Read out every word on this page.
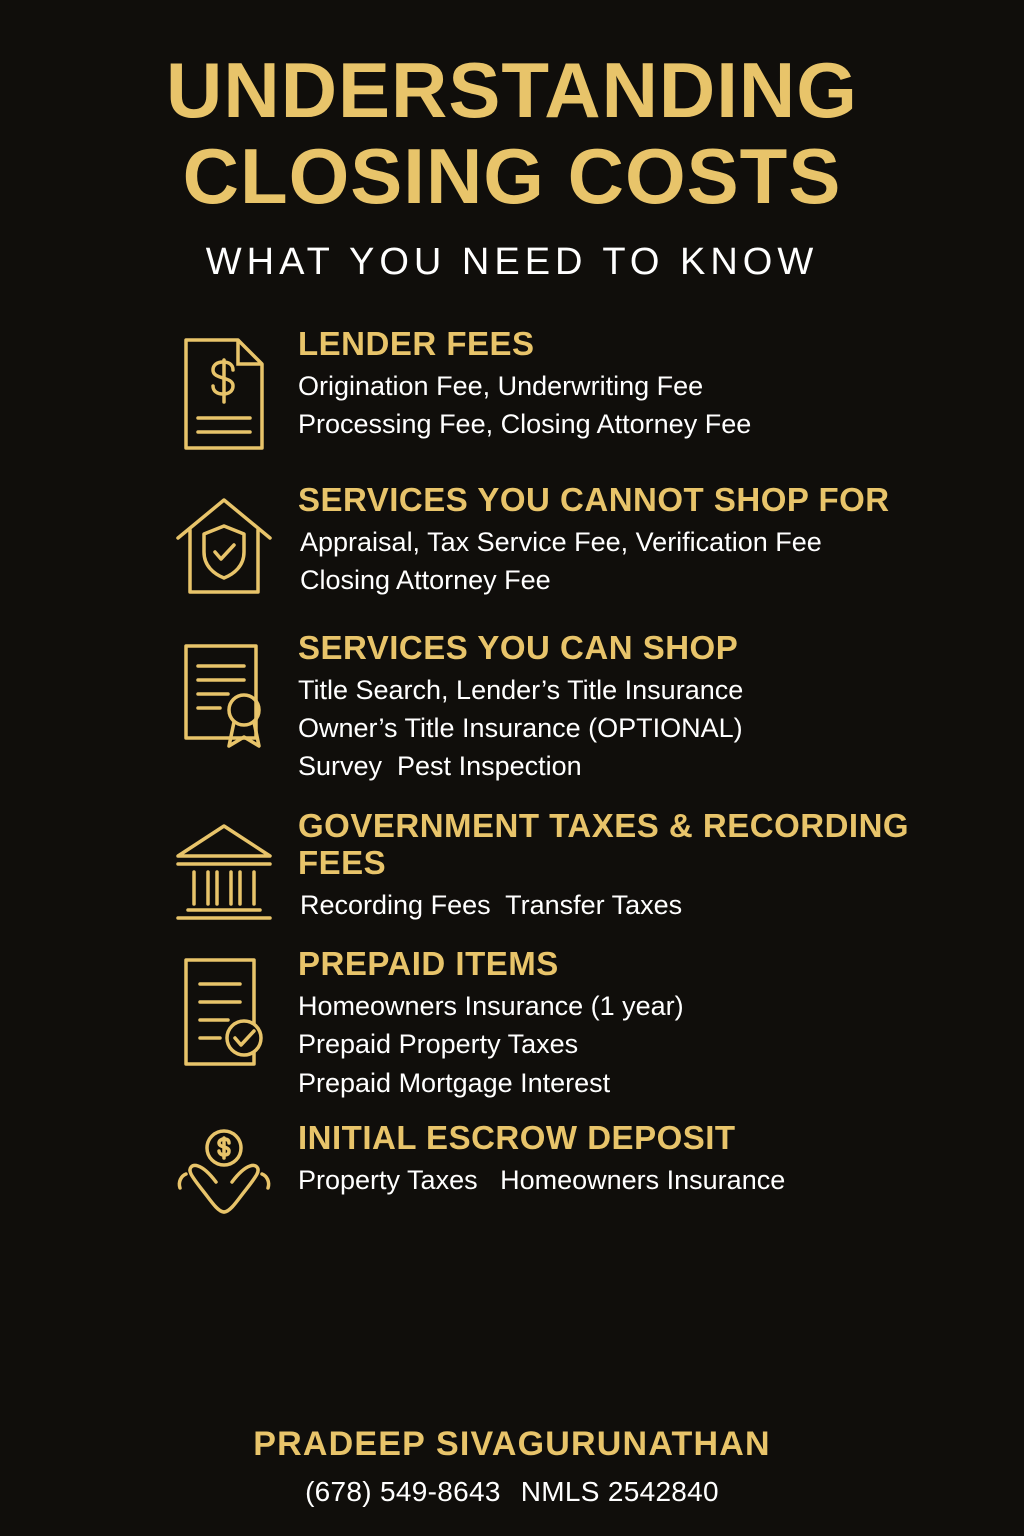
UNDERSTANDING
CLOSING COSTS
WHAT YOU NEED TO KNOW
LENDER FEES
Origination Fee, Underwriting Fee
Processing Fee, Closing Attorney Fee
SERVICES YOU CANNOT SHOP FOR
Appraisal, Tax Service Fee, Verification Fee
Closing Attorney Fee
SERVICES YOU CAN SHOP
Title Search, Lender’s Title Insurance
Owner’s Title Insurance (OPTIONAL)
Survey  Pest Inspection
GOVERNMENT TAXES & RECORDING FEES
Recording Fees  Transfer Taxes
PREPAID ITEMS
Homeowners Insurance (1 year)
Prepaid Property Taxes
Prepaid Mortgage Interest
INITIAL ESCROW DEPOSIT
Property Taxes   Homeowners Insurance
PRADEEP SIVAGURUNATHAN
(678) 549-8643 NMLS 2542840
